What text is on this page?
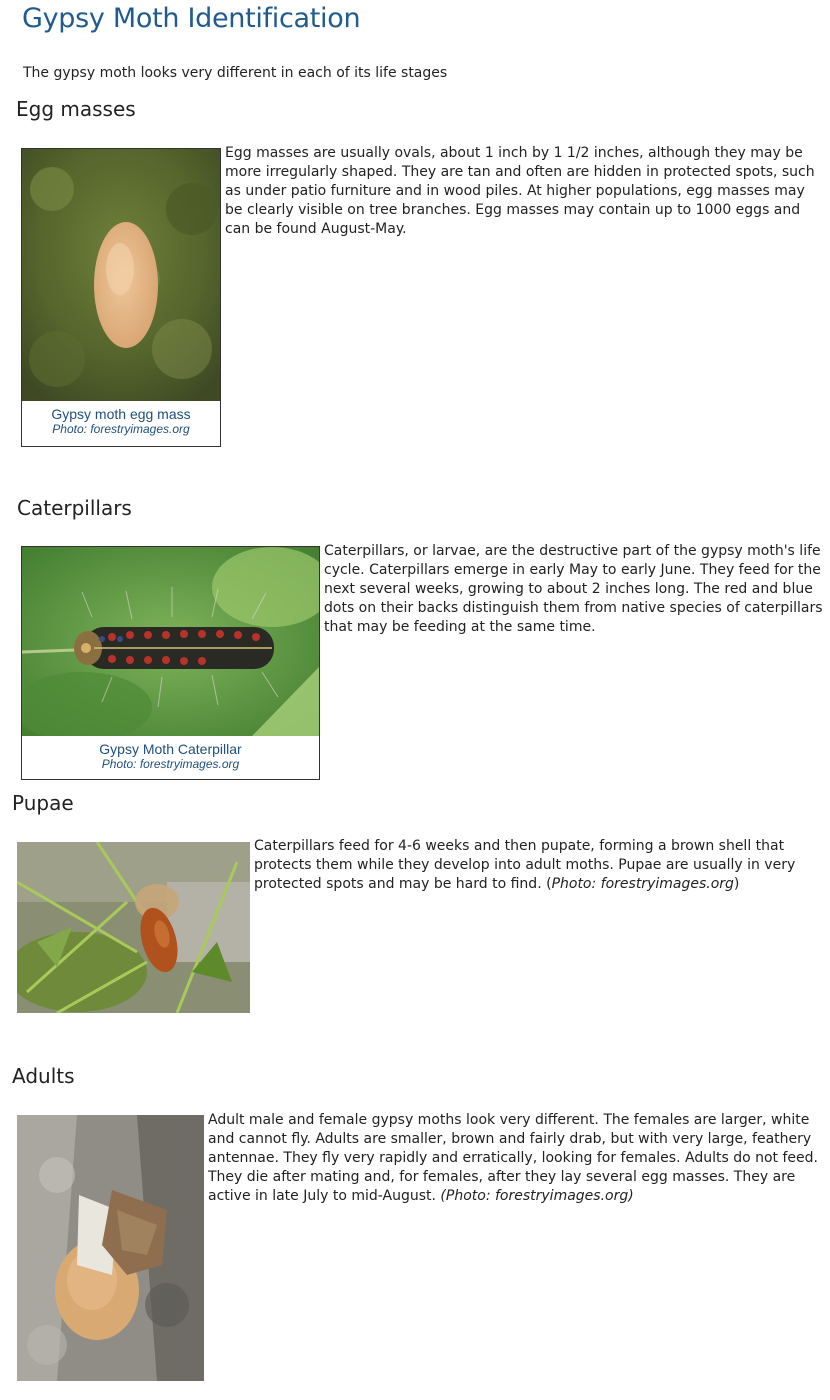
Gypsy Moth Identification

The gypsy moth looks very different in each of its life stages

Egg masses
Gypsy moth egg mass
Photo: forestryimages.org

Egg masses are usually ovals, about 1 inch by 1 1/2 inches, although they may be more irregularly shaped. They are tan and often are hidden in protected spots, such as under patio furniture and in wood piles. At higher populations, egg masses may be clearly visible on tree branches. Egg masses may contain up to 1000 eggs and can be found August-May.

Caterpillars
Gypsy Moth Caterpillar
Photo: forestryimages.org

Caterpillars, or larvae, are the destructive part of the gypsy moth's life cycle. Caterpillars emerge in early May to early June. They feed for the next several weeks, growing to about 2 inches long. The red and blue dots on their backs distinguish them from native species of caterpillars that may be feeding at the same time.

Pupae

Caterpillars feed for 4-6 weeks and then pupate, forming a brown shell that protects them while they develop into adult moths. Pupae are usually in very protected spots and may be hard to find. (Photo: forestryimages.org)

Adults

Adult male and female gypsy moths look very different. The females are larger, white and cannot fly. Adults are smaller, brown and fairly drab, but with very large, feathery antennae. They fly very rapidly and erratically, looking for females. Adults do not feed. They die after mating and, for females, after they lay several egg masses. They are active in late July to mid-August. (Photo: forestryimages.org)
